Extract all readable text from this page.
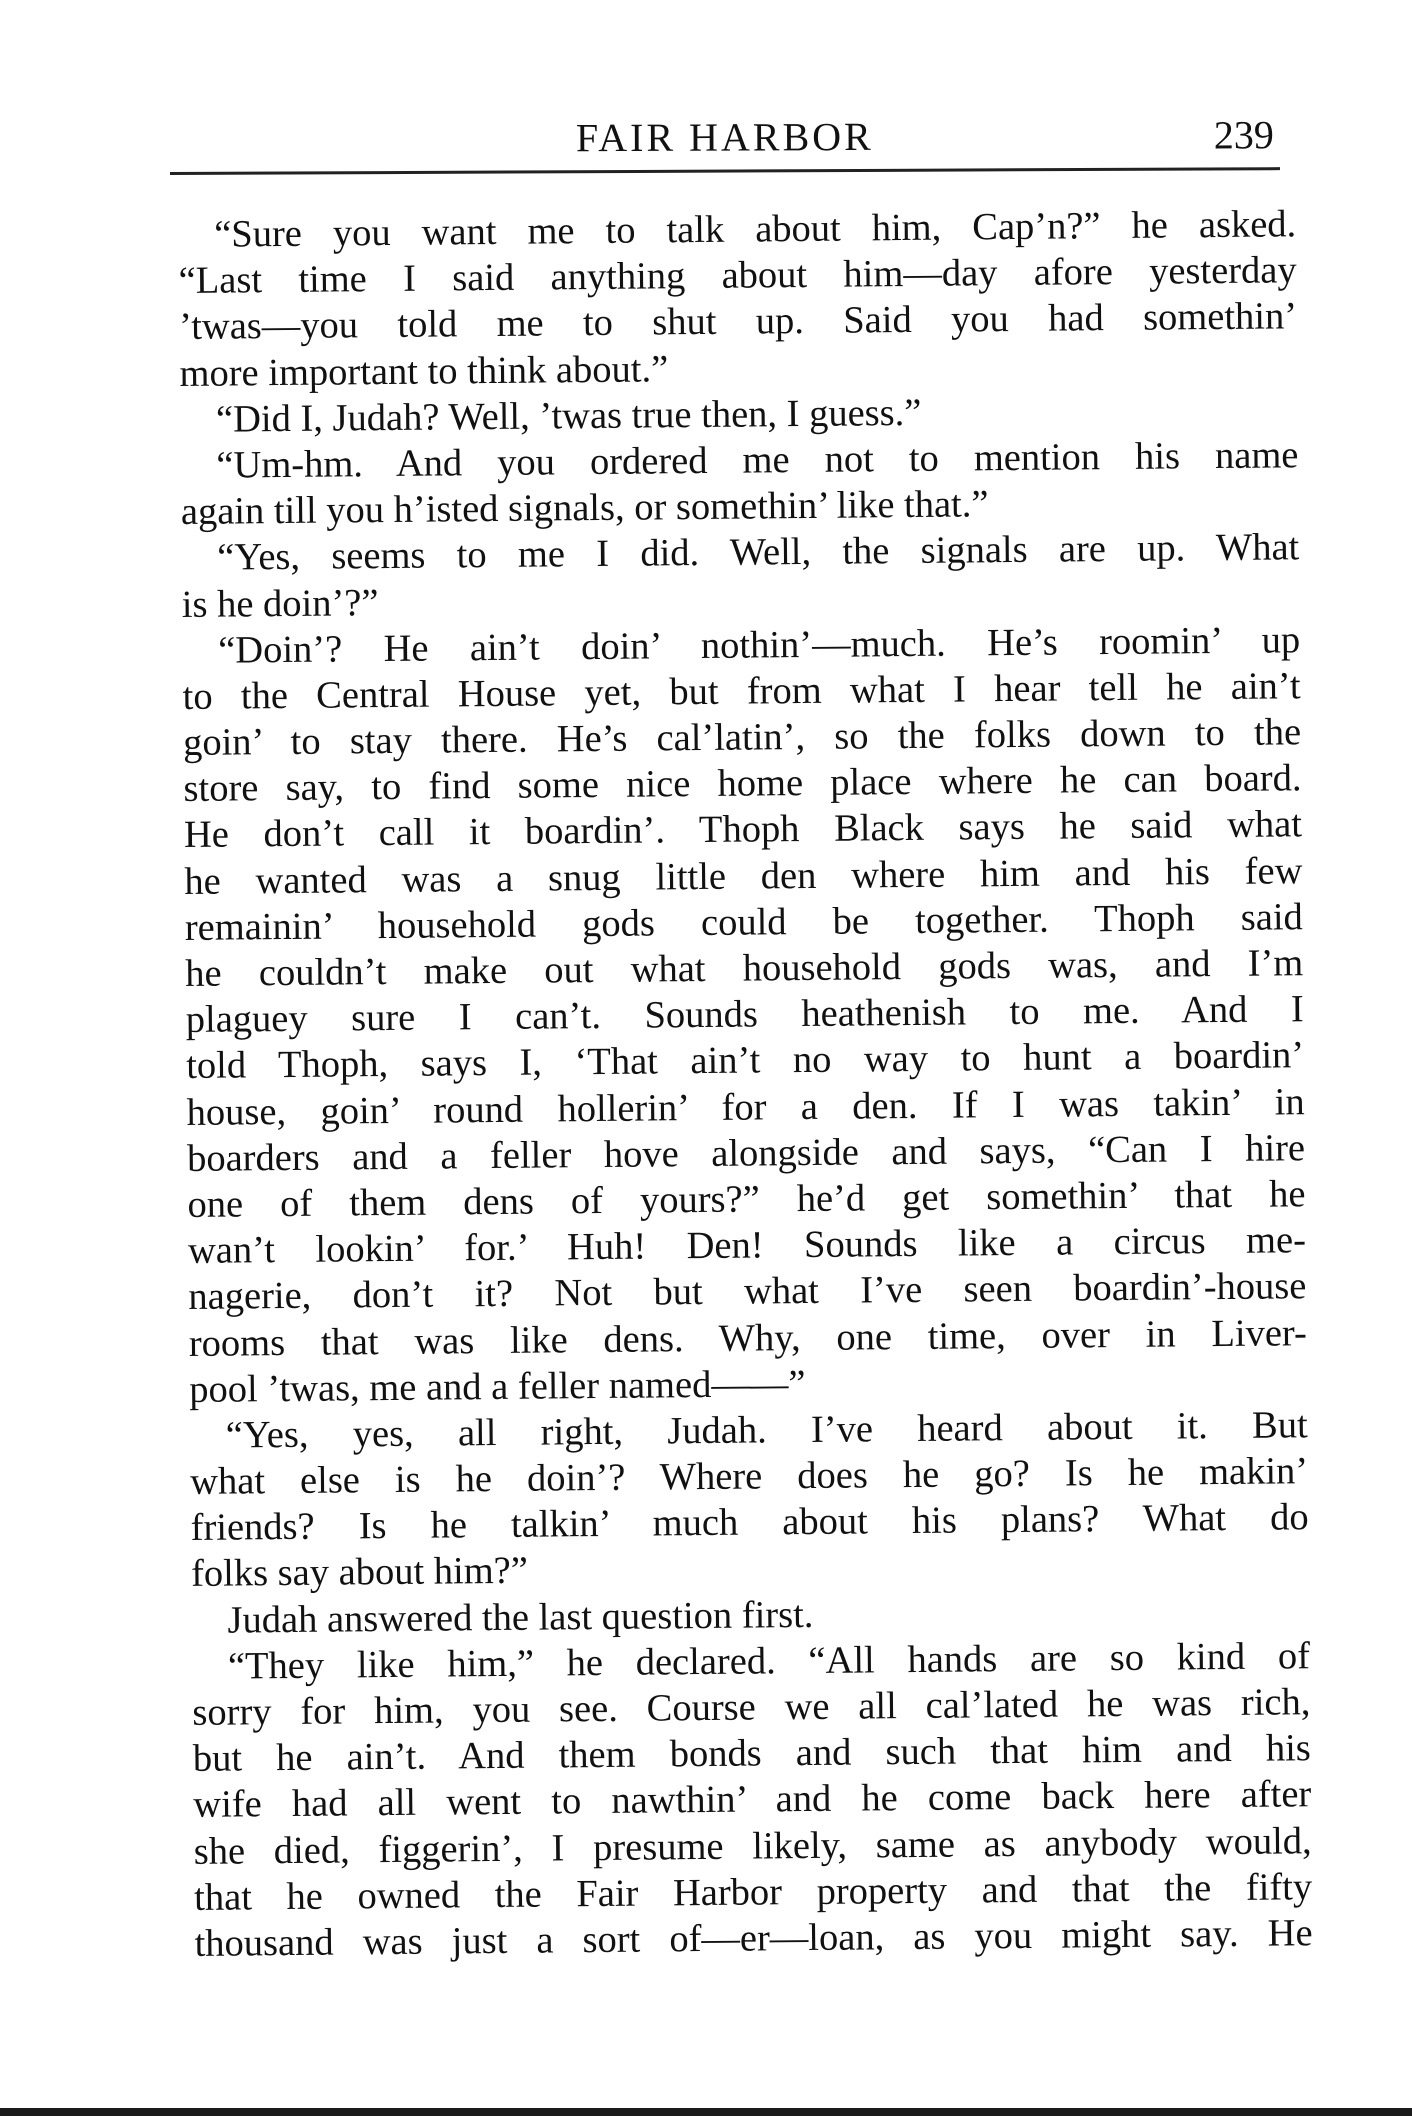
FAIR HARBOR	239
“Sure you want me to talk about him, Cap’n?” he asked.
“Last time I said anything about him—day afore yesterday
’twas—you told me to shut up. Said you had somethin’
more important to think about.”
“Did I, Judah? Well, ’twas true then, I guess.”
“Um-hm. And you ordered me not to mention his name
again till you h’isted signals, or somethin’ like that.”
“Yes, seems to me I did. Well, the signals are up. What
is he doin’?”
“Doin’? He ain’t doin’ nothin’—much. He’s roomin’ up
to the Central House yet, but from what I hear tell he ain’t
goin’ to stay there. He’s cal’latin’, so the folks down to the
store say, to find some nice home place where he can board.
He don’t call it boardin’. Thoph Black says he said what
he wanted was a snug little den where him and his few
remainin’ household gods could be together. Thoph said
he couldn’t make out what household gods was, and I’m
plaguey sure I can’t. Sounds heathenish to me. And I
told Thoph, says I, ‘That ain’t no way to hunt a boardin’
house, goin’ round hollerin’ for a den. If I was takin’ in
boarders and a feller hove alongside and says, “Can I hire
one of them dens of yours?” he’d get somethin’ that he
wan’t lookin’ for.’ Huh! Den! Sounds like a circus me-
nagerie, don’t it? Not but what I’ve seen boardin’-house
rooms that was like dens. Why, one time, over in Liver-
pool ’twas, me and a feller named——”
“Yes, yes, all right, Judah. I’ve heard about it. But
what else is he doin’? Where does he go? Is he makin’
friends? Is he talkin’ much about his plans? What do
folks say about him?”
Judah answered the last question first.
“They like him,” he declared. “All hands are so kind of
sorry for him, you see. Course we all cal’lated he was rich,
but he ain’t. And them bonds and such that him and his
wife had all went to nawthin’ and he come back here after
she died, figgerin’, I presume likely, same as anybody would,
that he owned the Fair Harbor property and that the fifty
thousand was just a sort of—er—loan, as you might say. He
